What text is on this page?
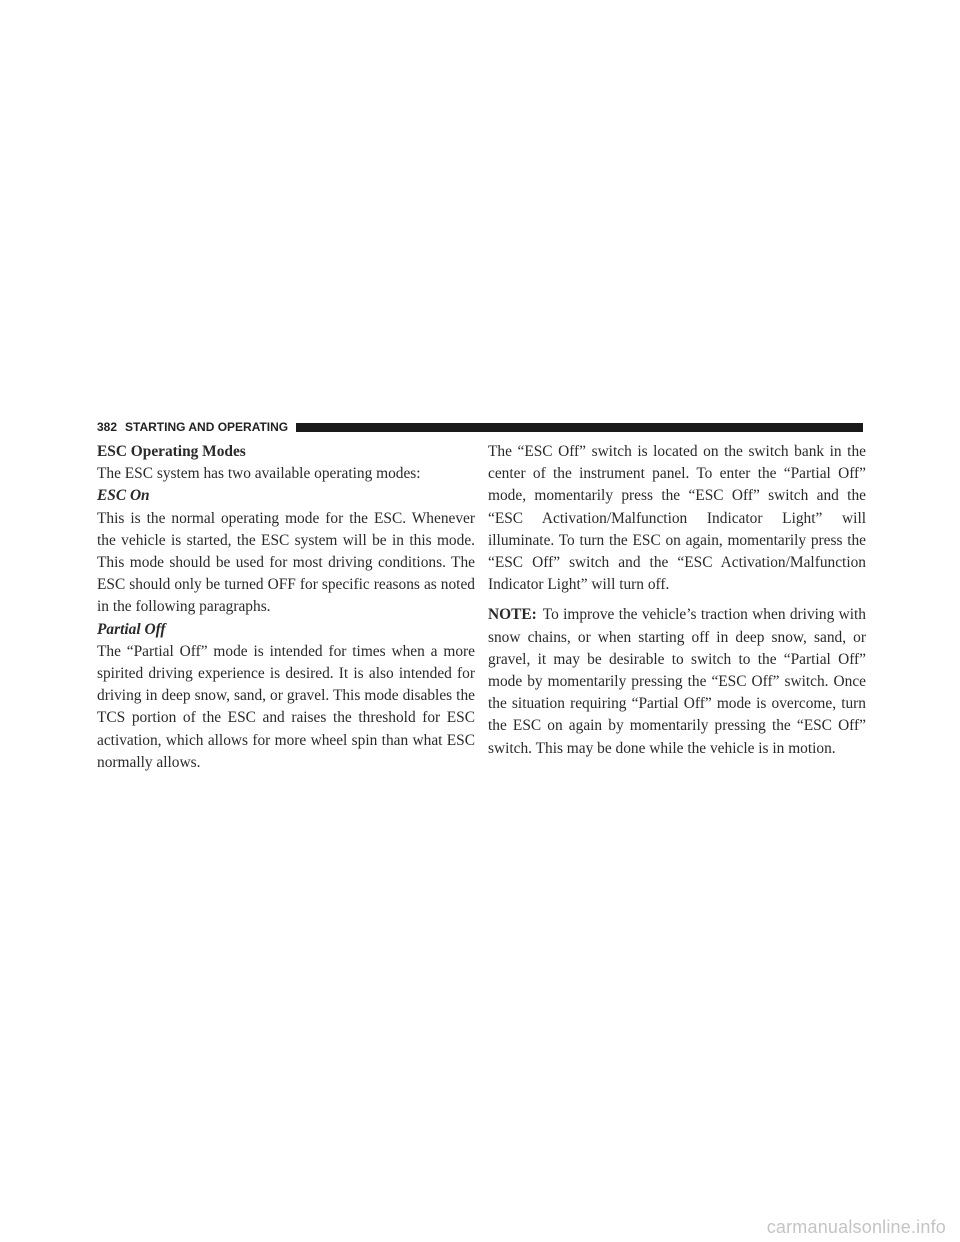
382 STARTING AND OPERATING

ESC Operating Modes

The ESC system has two available operating modes:

ESC On

This is the normal operating mode for the ESC. Whenever the vehicle is started, the ESC system will be in this mode. This mode should be used for most driving conditions. The ESC should only be turned OFF for specific reasons as noted in the following paragraphs.

Partial Off

The “Partial Off” mode is intended for times when a more spirited driving experience is desired. It is also intended for driving in deep snow, sand, or gravel. This mode disables the TCS portion of the ESC and raises the threshold for ESC activation, which allows for more wheel spin than what ESC normally allows.

The “ESC Off” switch is located on the switch bank in the center of the instrument panel. To enter the “Partial Off” mode, momentarily press the “ESC Off” switch and the “ESC Activation/Malfunction Indicator Light” will illuminate. To turn the ESC on again, momentarily press the “ESC Off” switch and the “ESC Activation/Malfunction Indicator Light” will turn off.

NOTE: To improve the vehicle’s traction when driving with snow chains, or when starting off in deep snow, sand, or gravel, it may be desirable to switch to the “Partial Off” mode by momentarily pressing the “ESC Off” switch. Once the situation requiring “Partial Off” mode is overcome, turn the ESC on again by momentarily pressing the “ESC Off” switch. This may be done while the vehicle is in motion.

carmanualsonline.info
